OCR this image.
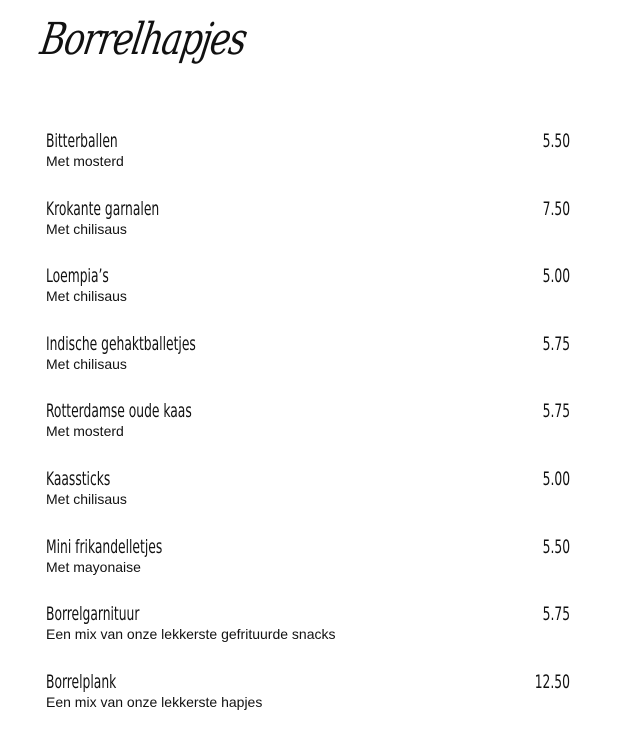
Borrelhapjes
Bitterballen	5.50
Met mosterd
Krokante garnalen	7.50
Met chilisaus
Loempia’s	5.00
Met chilisaus
Indische gehaktballetjes	5.75
Met chilisaus
Rotterdamse oude kaas	5.75
Met mosterd
Kaassticks	5.00
Met chilisaus
Mini frikandelletjes	5.50
Met mayonaise
Borrelgarnituur	5.75
Een mix van onze lekkerste gefrituurde snacks
Borrelplank	12.50
Een mix van onze lekkerste hapjes
